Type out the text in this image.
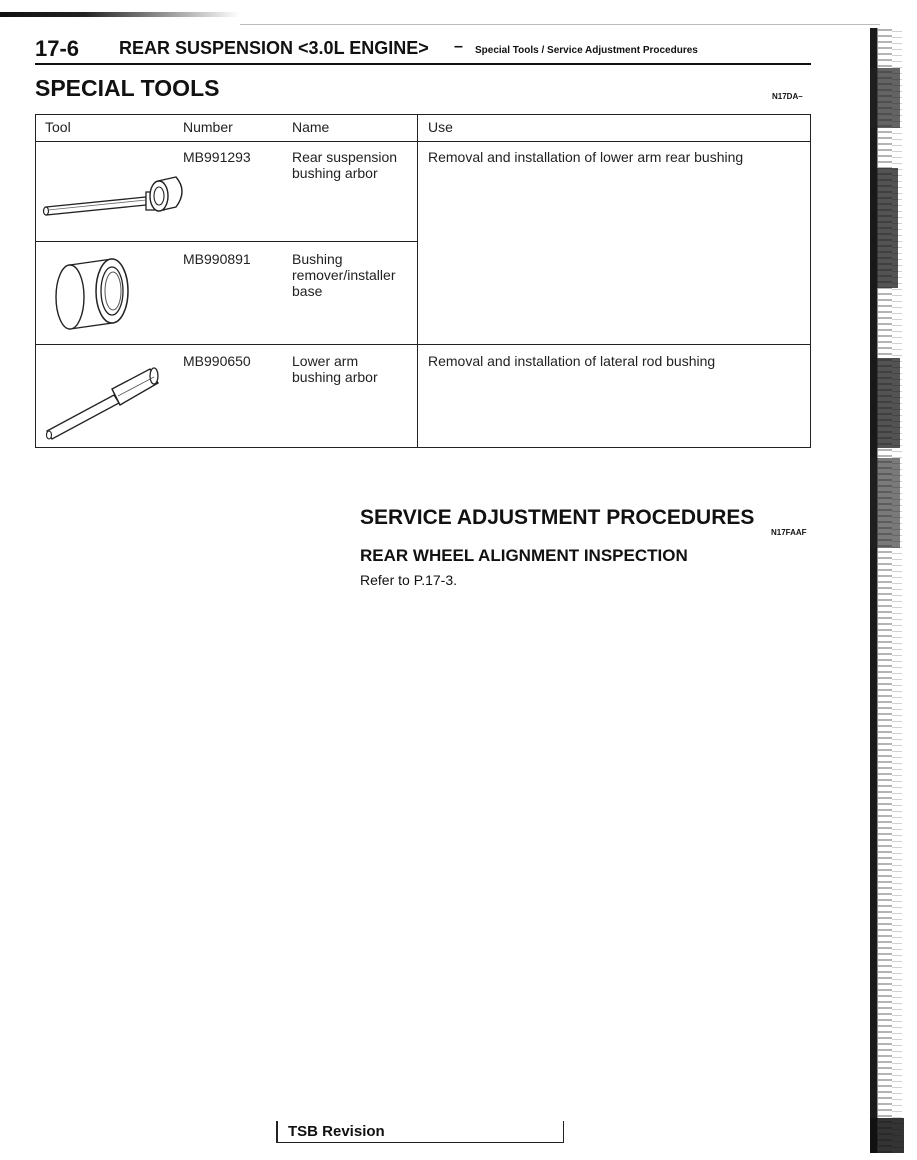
17-6 REAR SUSPENSION <3.0L ENGINE> – Special Tools / Service Adjustment Procedures
SPECIAL TOOLS	N17DA–
Tool	Number	Name	Use
MB991293	Rear suspension
bushing arbor
Removal and installation of lower arm rear bushing
MB990891	Bushing
remover/installer
base
MB990650	Lower arm
bushing arbor
Removal and installation of lateral rod bushing
SERVICE ADJUSTMENT PROCEDURES
N17FAAF
REAR WHEEL ALIGNMENT INSPECTION
Refer to P.17-3.
TSB Revision
